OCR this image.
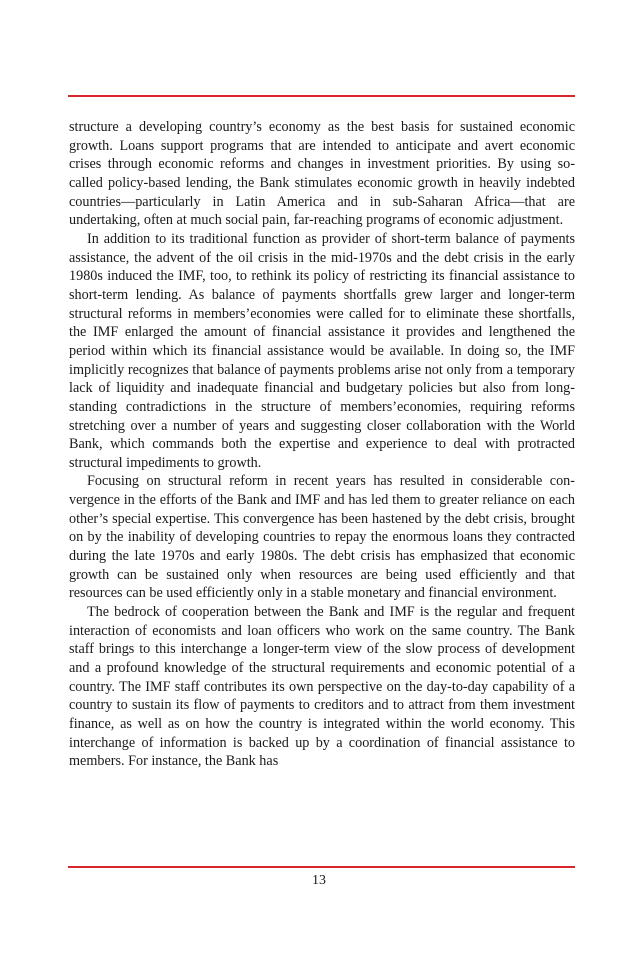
structure a developing country’s economy as the best basis for sustained economic growth. Loans support programs that are intended to anticipate and avert economic crises through economic reforms and changes in investment priorities. By using so-called policy-based lending, the Bank stimulates economic growth in heavily indebted countries—particularly in Latin America and in sub-Saharan Africa—that are undertaking, often at much social pain, far-reaching programs of economic adjustment.

In addition to its traditional function as provider of short-term balance of payments assistance, the advent of the oil crisis in the mid-1970s and the debt crisis in the early 1980s induced the IMF, too, to rethink its policy of restricting its financial assistance to short-term lending. As balance of payments shortfalls grew larger and longer-term structural reforms in members’economies were called for to eliminate these shortfalls, the IMF enlarged the amount of financial assistance it provides and lengthened the period within which its financial assistance would be available. In doing so, the IMF implicitly recognizes that balance of payments problems arise not only from a temporary lack of liquidity and inadequate financial and budgetary policies but also from long-standing contradictions in the structure of members’economies, requiring reforms stretching over a number of years and suggesting closer collaboration with the World Bank, which commands both the expertise and experience to deal with protracted structural impediments to growth.

Focusing on structural reform in recent years has resulted in considerable convergence in the efforts of the Bank and IMF and has led them to greater reliance on each other’s special expertise. This convergence has been hastened by the debt crisis, brought on by the inability of developing countries to repay the enormous loans they contracted during the late 1970s and early 1980s. The debt crisis has emphasized that economic growth can be sustained only when resources are being used efficiently and that resources can be used efficiently only in a stable monetary and financial environment.

The bedrock of cooperation between the Bank and IMF is the regular and frequent interaction of economists and loan officers who work on the same country. The Bank staff brings to this interchange a longer-term view of the slow process of development and a profound knowledge of the structural requirements and economic potential of a country. The IMF staff contributes its own perspective on the day-to-day capability of a country to sustain its flow of payments to creditors and to attract from them investment finance, as well as on how the country is integrated within the world economy. This interchange of information is backed up by a coordination of financial assistance to members. For instance, the Bank has

13
